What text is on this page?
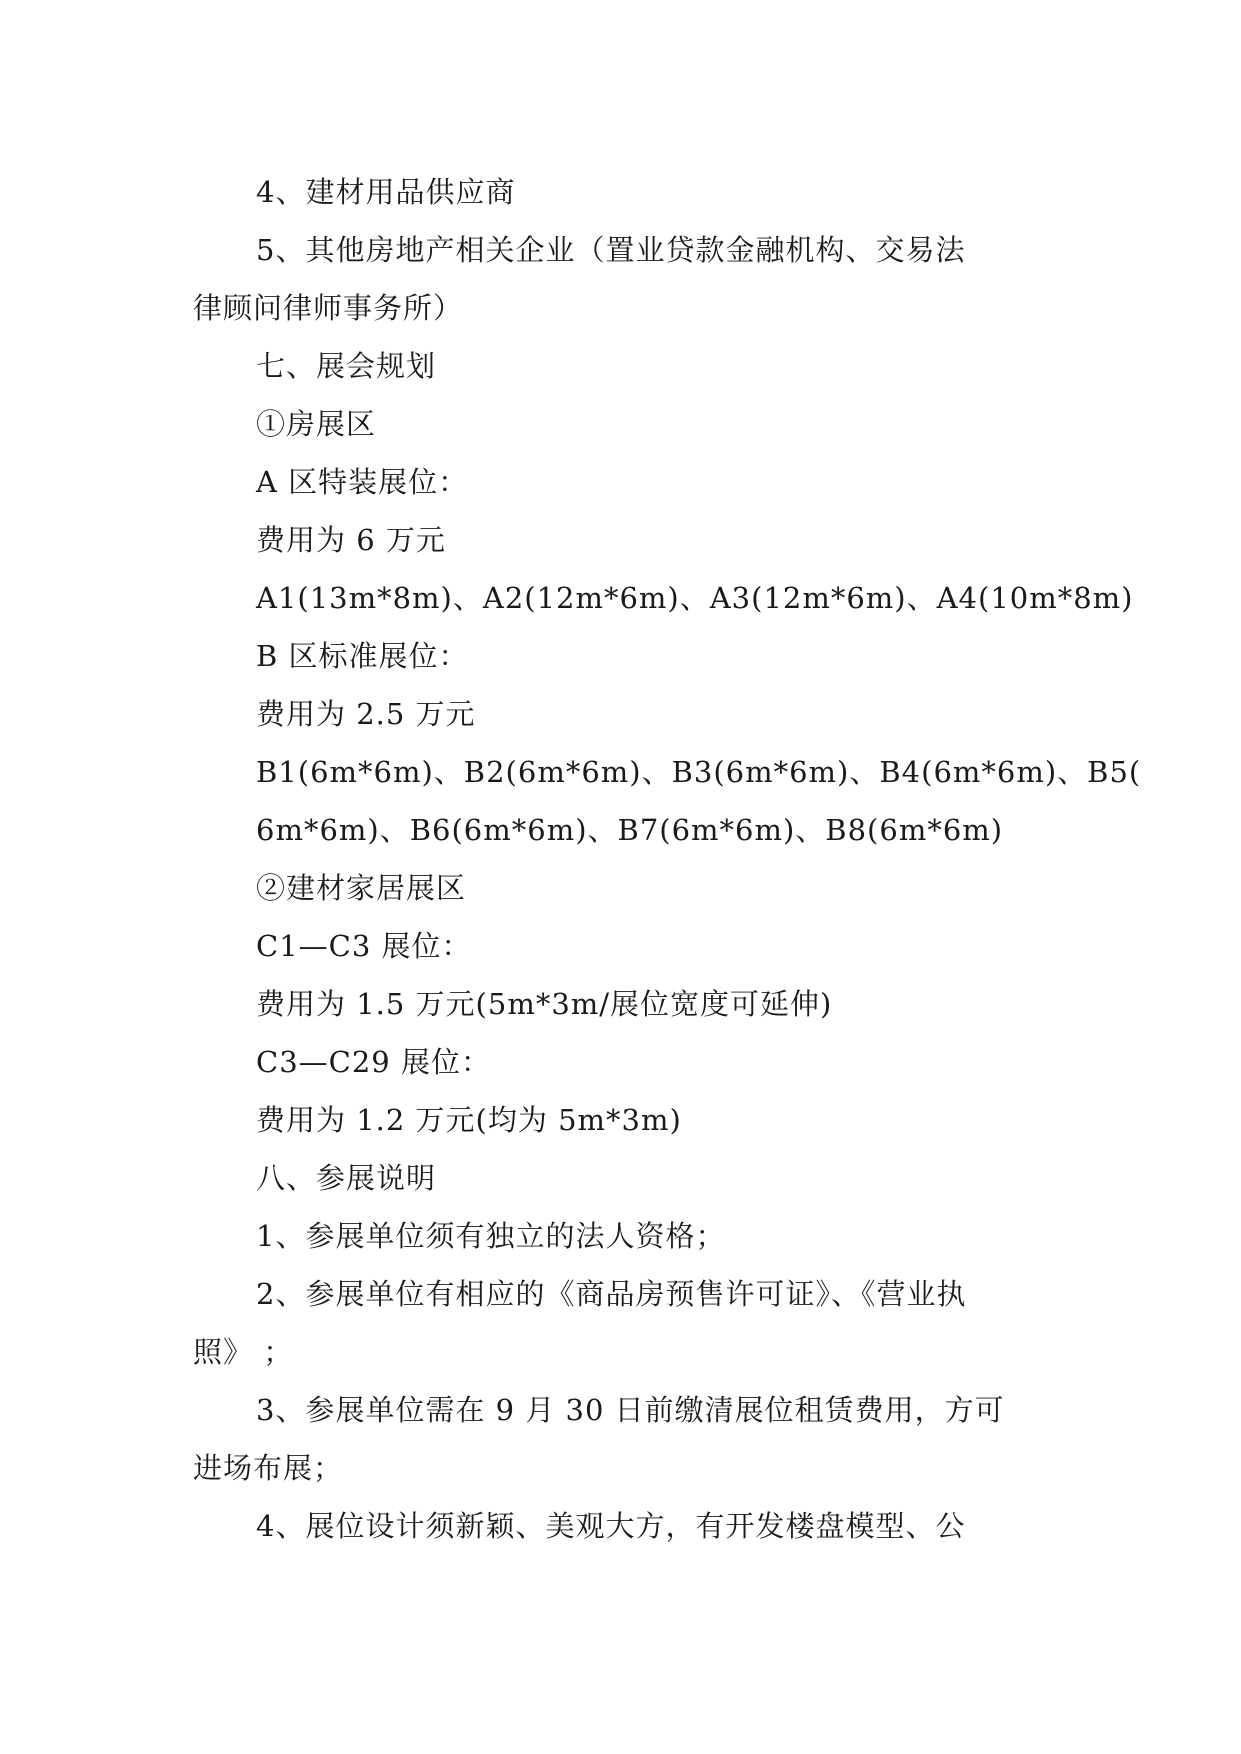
4、建材用品供应商
5、其他房地产相关企业（置业贷款金融机构、交易法
律顾问律师事务所）
七、展会规划
①房展区
A 区特装展位：
费用为 6 万元
A1(13m*8m)、A2(12m*6m)、A3(12m*6m)、A4(10m*8m)
B 区标准展位：
费用为 2.5 万元
B1(6m*6m)、B2(6m*6m)、B3(6m*6m)、B4(6m*6m)、B5(
6m*6m)、B6(6m*6m)、B7(6m*6m)、B8(6m*6m)
②建材家居展区
C1—C3 展位：
费用为 1.5 万元(5m*3m/展位宽度可延伸)
C3—C29 展位：
费用为 1.2 万元(均为 5m*3m)
八、参展说明
1、参展单位须有独立的法人资格；
2、参展单位有相应的《商品房预售许可证》、《营业执
照》 ；
3、参展单位需在 9 月 30 日前缴清展位租赁费用，方可
进场布展；
4、展位设计须新颖、美观大方，有开发楼盘模型、公
